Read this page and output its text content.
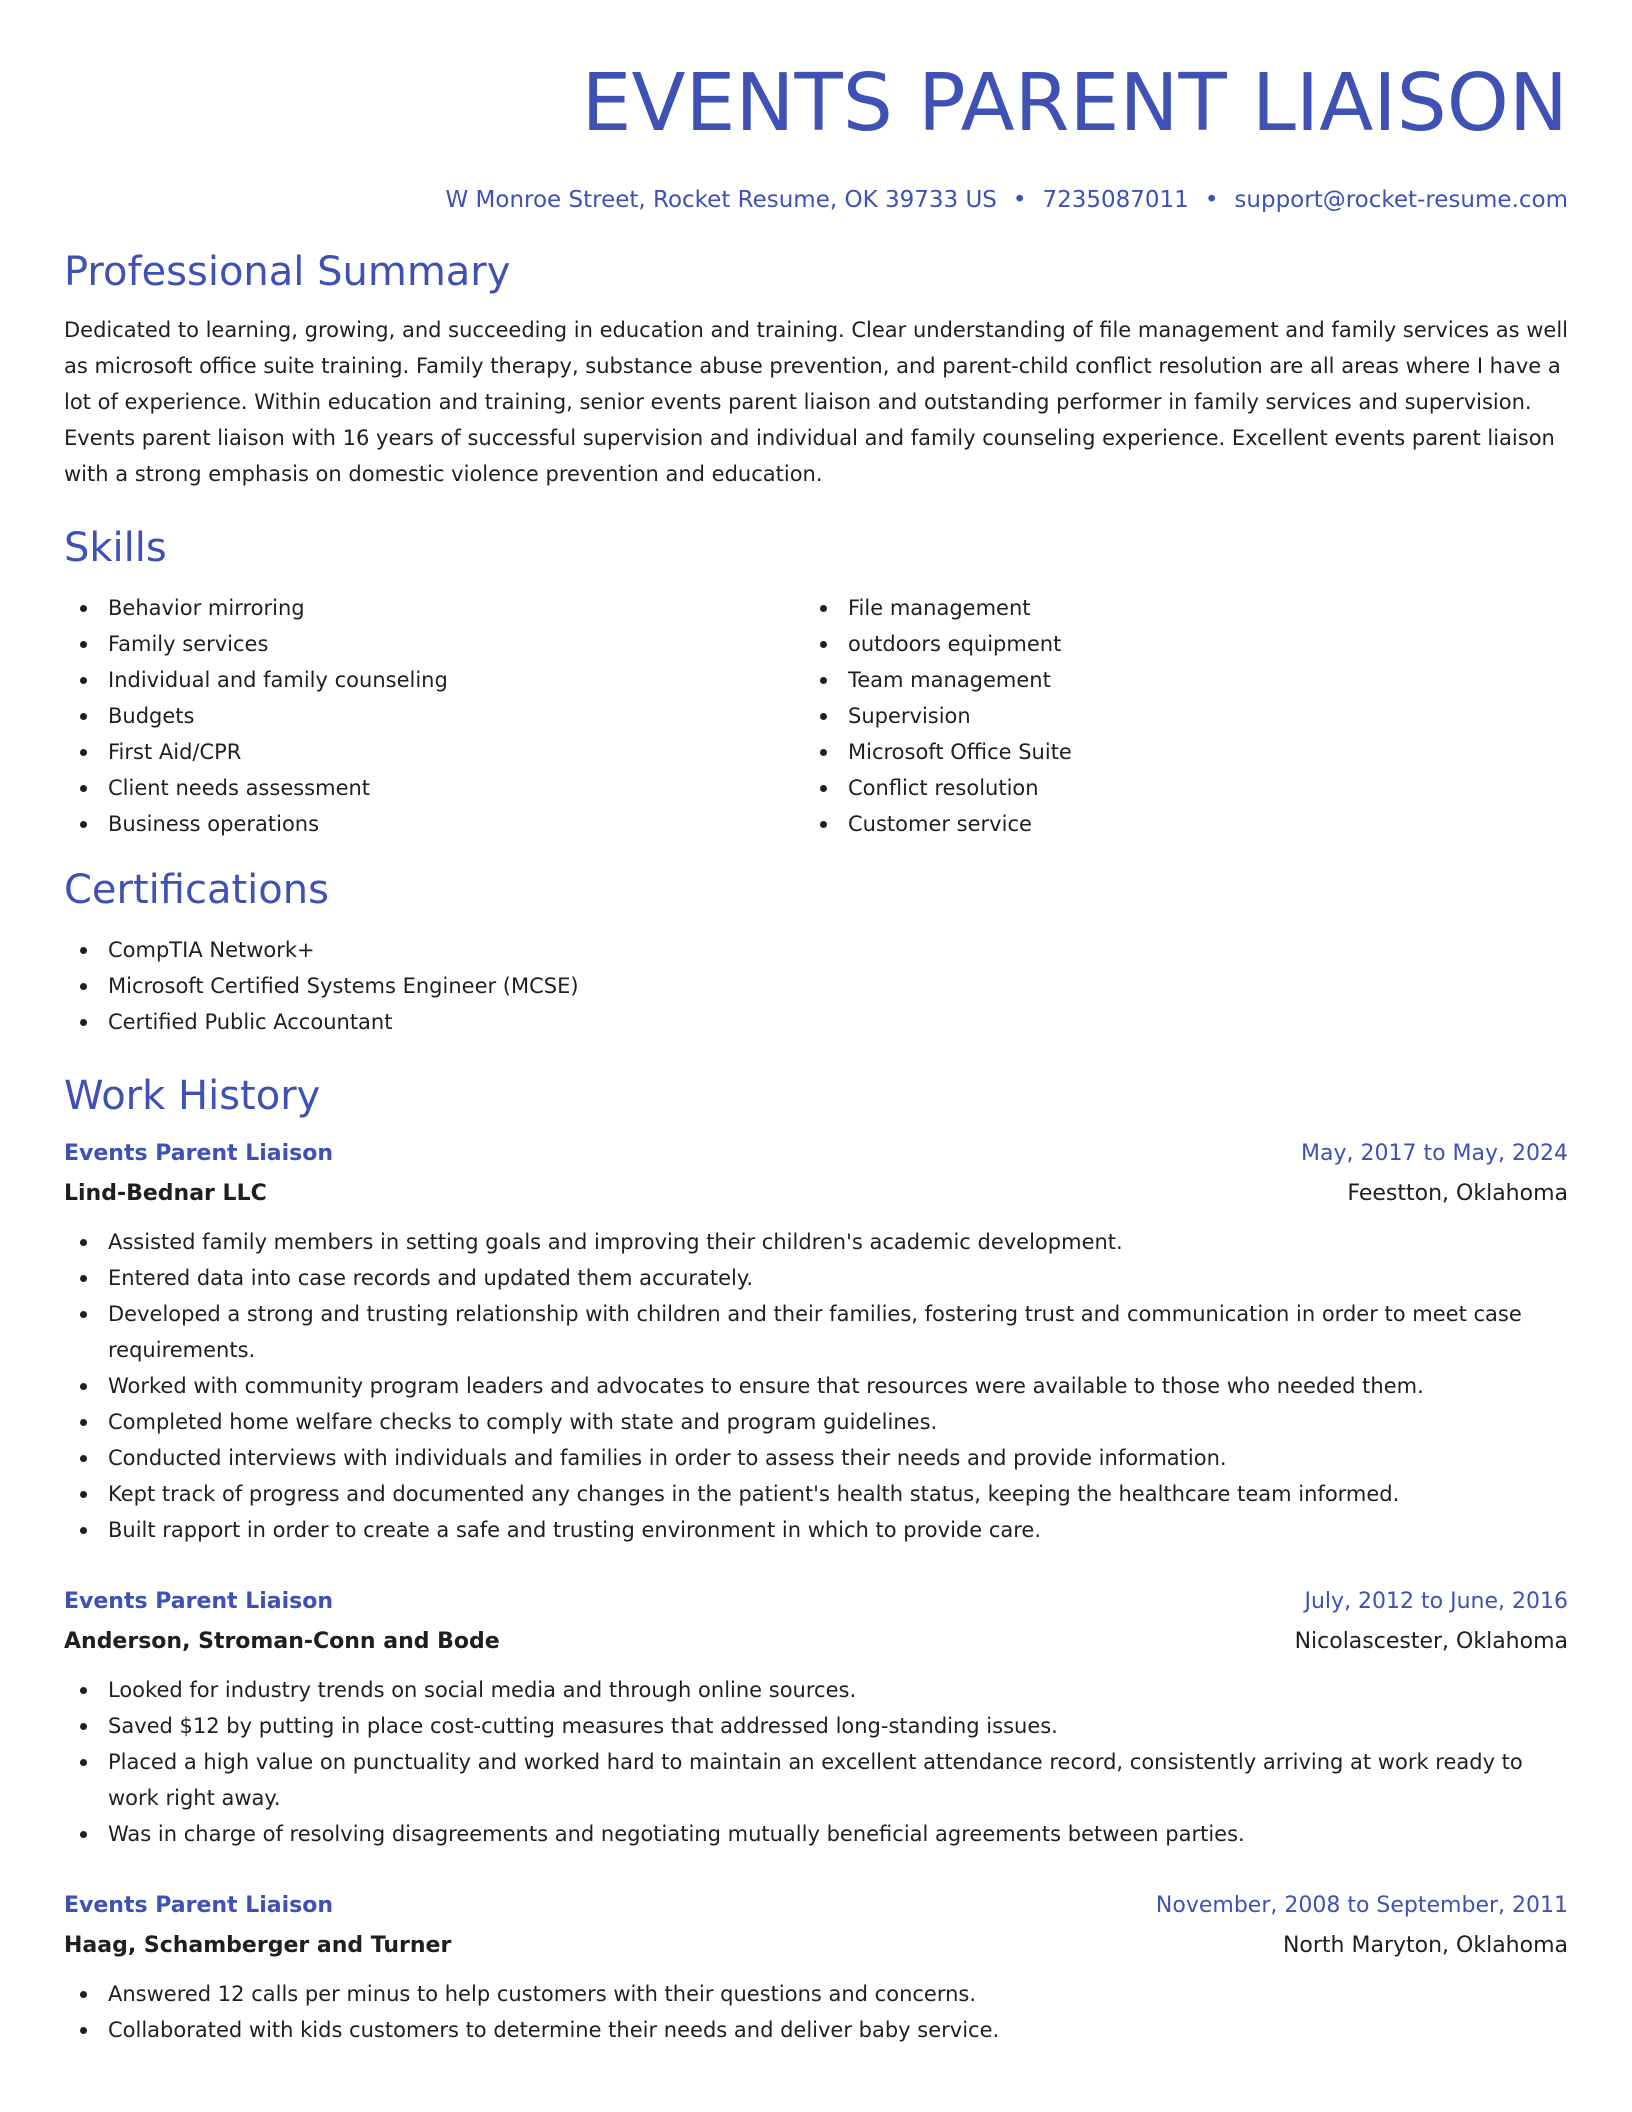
EVENTS PARENT LIAISON
W Monroe Street, Rocket Resume, OK 39733 US • 7235087011 • support@rocket-resume.com
Professional Summary

Dedicated to learning, growing, and succeeding in education and training. Clear understanding of file management and family services as well as microsoft office suite training. Family therapy, substance abuse prevention, and parent-child conflict resolution are all areas where I have a lot of experience. Within education and training, senior events parent liaison and outstanding performer in family services and supervision. Events parent liaison with 16 years of successful supervision and individual and family counseling experience. Excellent events parent liaison with a strong emphasis on domestic violence prevention and education.

Skills
Behavior mirroring
Family services
Individual and family counseling
Budgets
First Aid/CPR
Client needs assessment
Business operations
File management
outdoors equipment
Team management
Supervision
Microsoft Office Suite
Conflict resolution
Customer service
Certifications
CompTIA Network+
Microsoft Certified Systems Engineer (MCSE)
Certified Public Accountant
Work History
Events Parent Liaison	May, 2017 to May, 2024
Lind-Bednar LLC	Feestton, Oklahoma
Assisted family members in setting goals and improving their children's academic development.
Entered data into case records and updated them accurately.
Developed a strong and trusting relationship with children and their families, fostering trust and communication in order to meet case requirements.
Worked with community program leaders and advocates to ensure that resources were available to those who needed them.
Completed home welfare checks to comply with state and program guidelines.
Conducted interviews with individuals and families in order to assess their needs and provide information.
Kept track of progress and documented any changes in the patient's health status, keeping the healthcare team informed.
Built rapport in order to create a safe and trusting environment in which to provide care.
Events Parent Liaison	July, 2012 to June, 2016
Anderson, Stroman-Conn and Bode	Nicolascester, Oklahoma
Looked for industry trends on social media and through online sources.
Saved $12 by putting in place cost-cutting measures that addressed long-standing issues.
Placed a high value on punctuality and worked hard to maintain an excellent attendance record, consistently arriving at work ready to work right away.
Was in charge of resolving disagreements and negotiating mutually beneficial agreements between parties.
Events Parent Liaison	November, 2008 to September, 2011
Haag, Schamberger and Turner	North Maryton, Oklahoma
Answered 12 calls per minus to help customers with their questions and concerns.
Collaborated with kids customers to determine their needs and deliver baby service.
